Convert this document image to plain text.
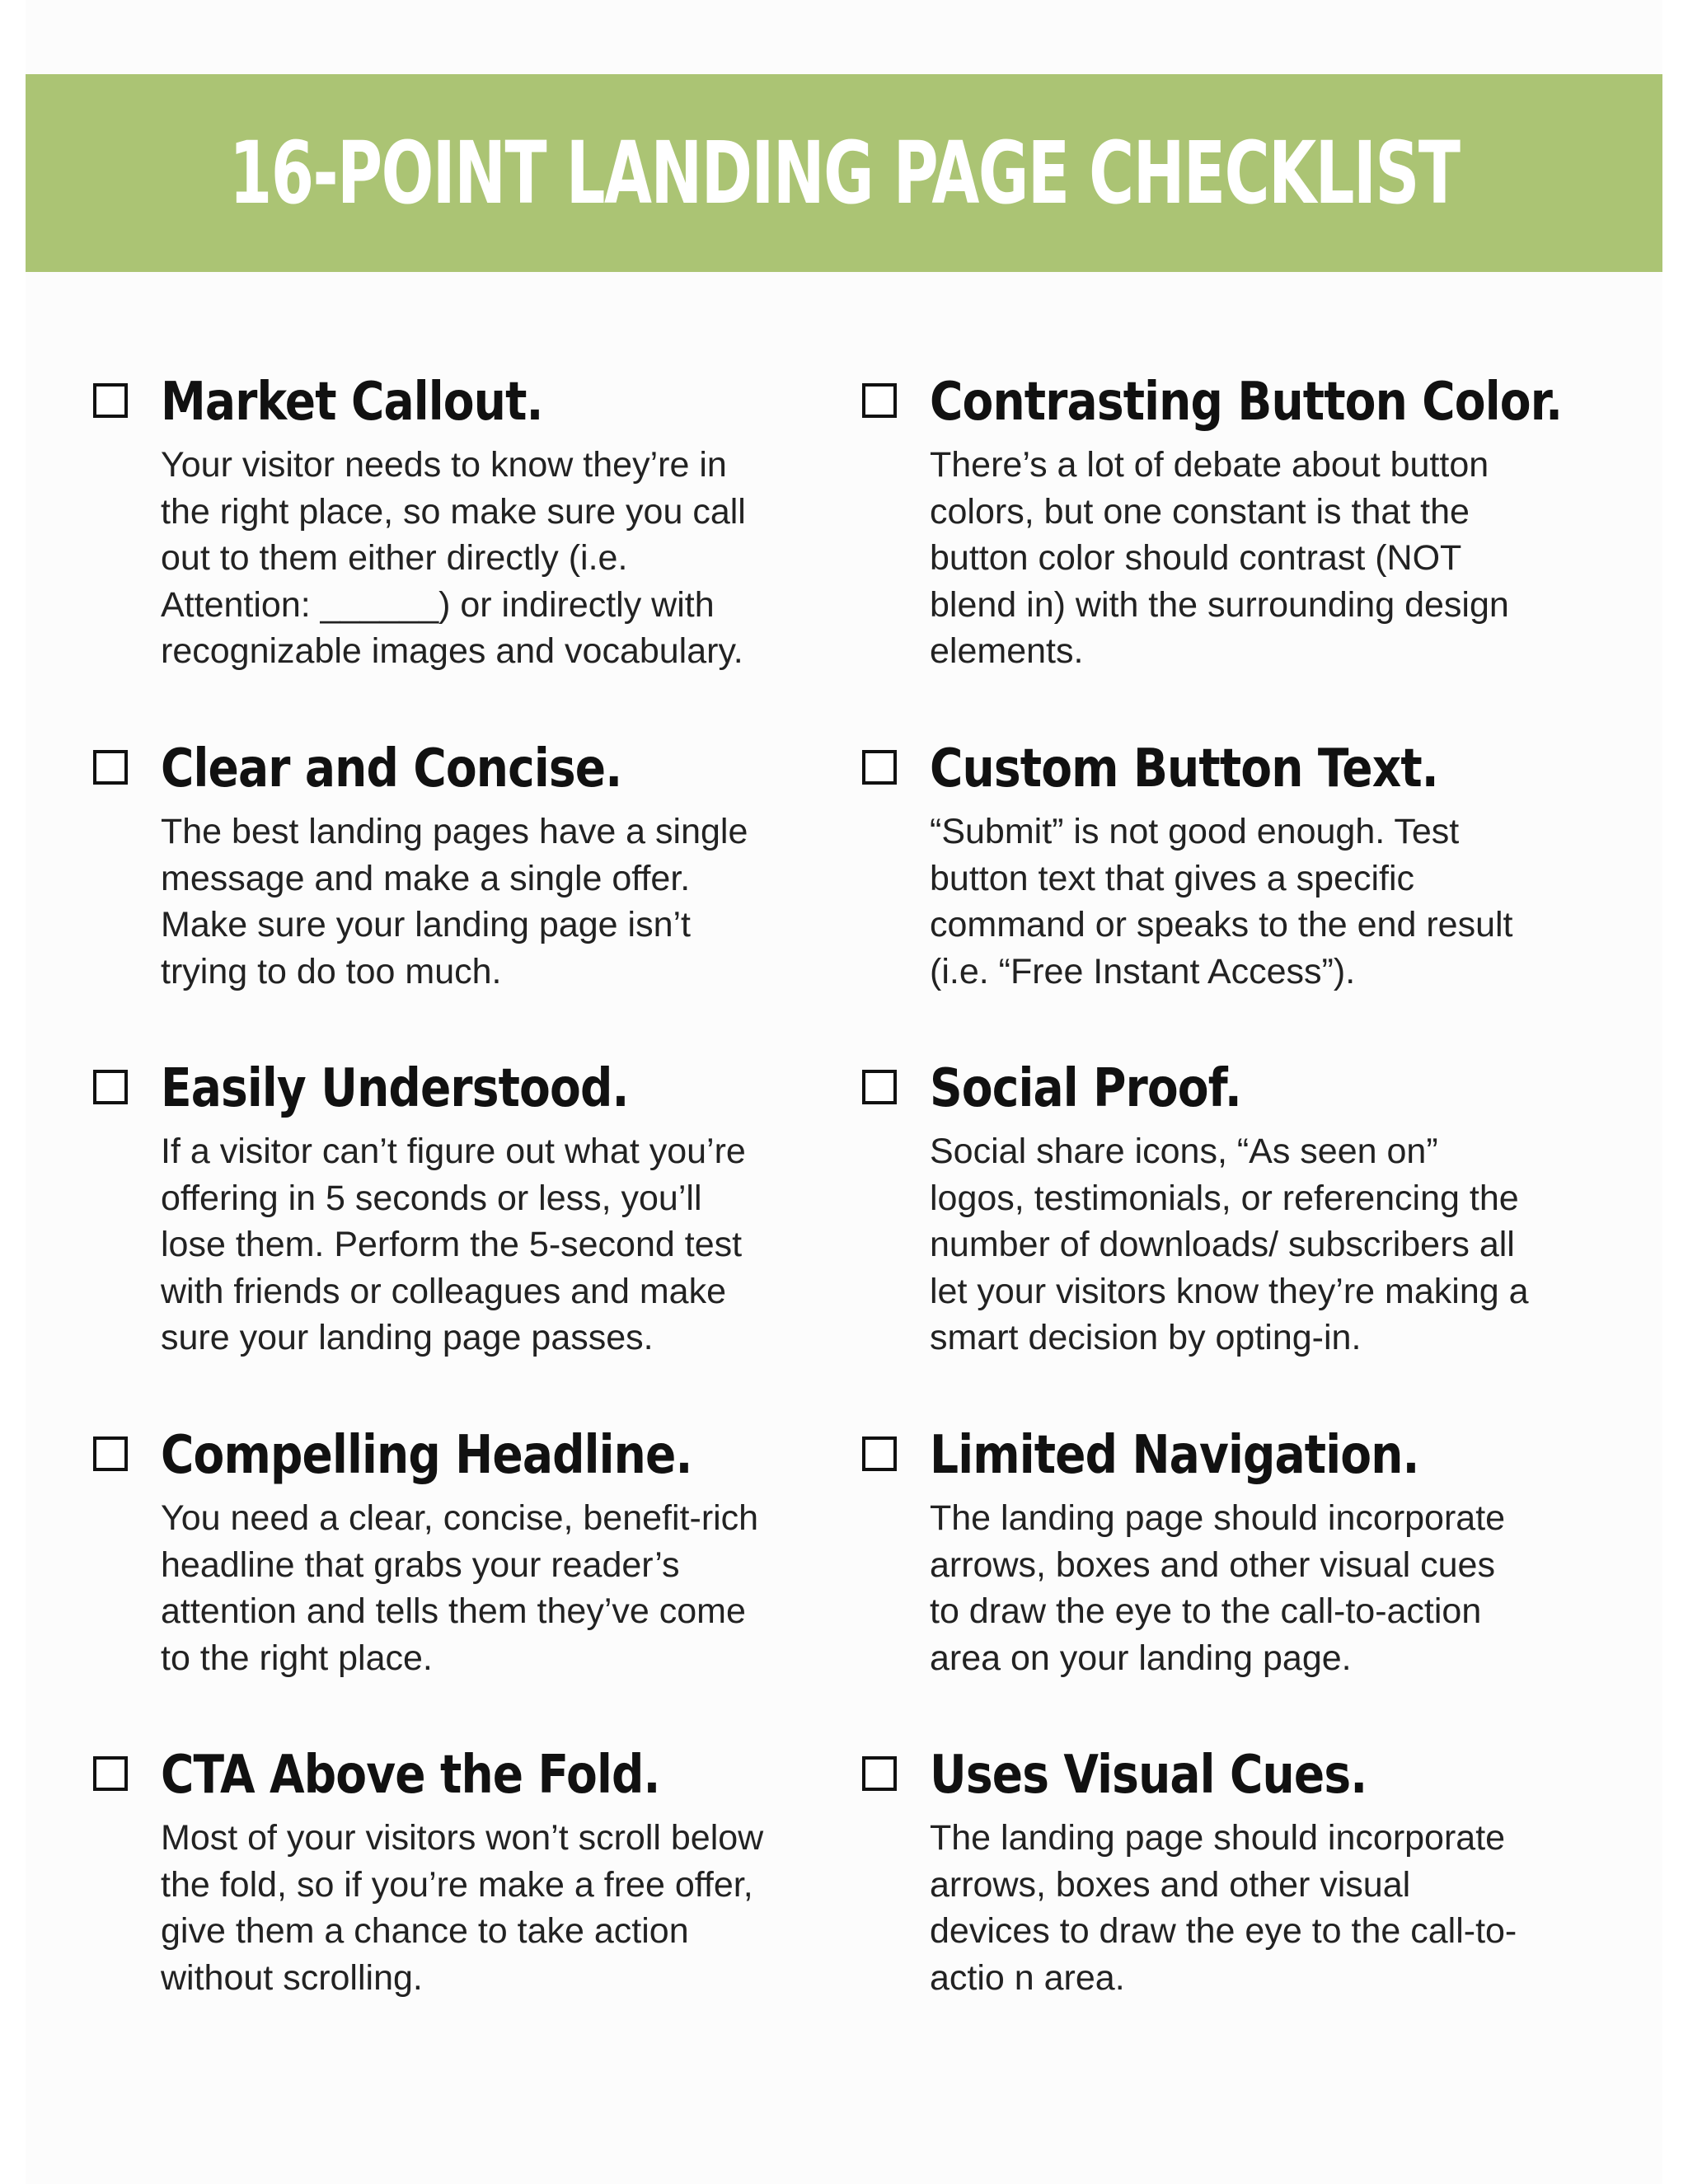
16-POINT LANDING PAGE CHECKLIST
Market Callout.
Your visitor needs to know they’re in
the right place, so make sure you call
out to them either directly (i.e.
Attention: ______) or indirectly with
recognizable images and vocabulary.
Clear and Concise.
The best landing pages have a single
message and make a single offer.
Make sure your landing page isn’t
trying to do too much.
Easily Understood.
If a visitor can’t figure out what you’re
offering in 5 seconds or less, you’ll
lose them. Perform the 5-second test
with friends or colleagues and make
sure your landing page passes.
Compelling Headline.
You need a clear, concise, benefit-rich
headline that grabs your reader’s
attention and tells them they’ve come
to the right place.
CTA Above the Fold.
Most of your visitors won’t scroll below
the fold, so if you’re make a free offer,
give them a chance to take action
without scrolling.
Contrasting Button Color.
There’s a lot of debate about button
colors, but one constant is that the
button color should contrast (NOT
blend in) with the surrounding design
elements.
Custom Button Text.
“Submit” is not good enough. Test
button text that gives a specific
command or speaks to the end result
(i.e. “Free Instant Access”).
Social Proof.
Social share icons, “As seen on”
logos, testimonials, or referencing the
number of downloads/ subscribers all
let your visitors know they’re making a
smart decision by opting-in.
Limited Navigation.
The landing page should incorporate
arrows, boxes and other visual cues
to draw the eye to the call-to-action
area on your landing page.
Uses Visual Cues.
The landing page should incorporate
arrows, boxes and other visual
devices to draw the eye to the call-to-
actio n area.
